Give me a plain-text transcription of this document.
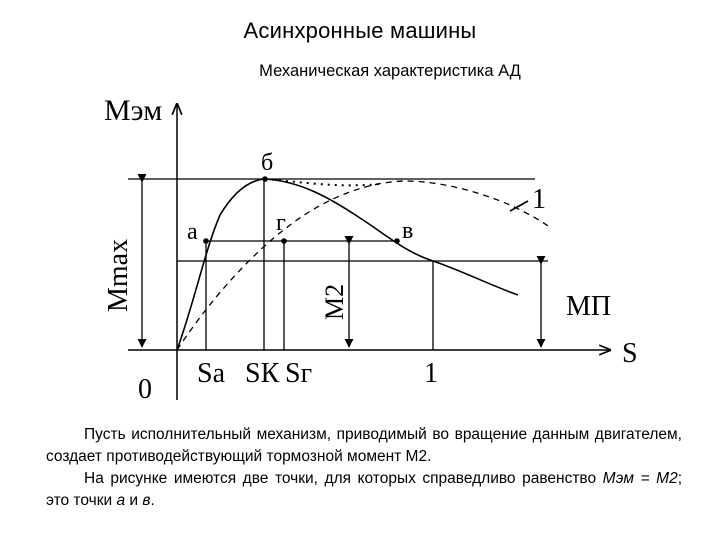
Асинхронные машины
Механическая характеристика АД
Мэм
S
0
Мmax	М2	МП
а
б
г	в
1
Sа SК Sг	1

Пусть исполнительный механизм, приводимый во вращение данным двигателем, создает противодействующий тормозной момент М2.

На рисунке имеются две точки, для которых справедливо равенство Мэм = М2; это точки а и в.
